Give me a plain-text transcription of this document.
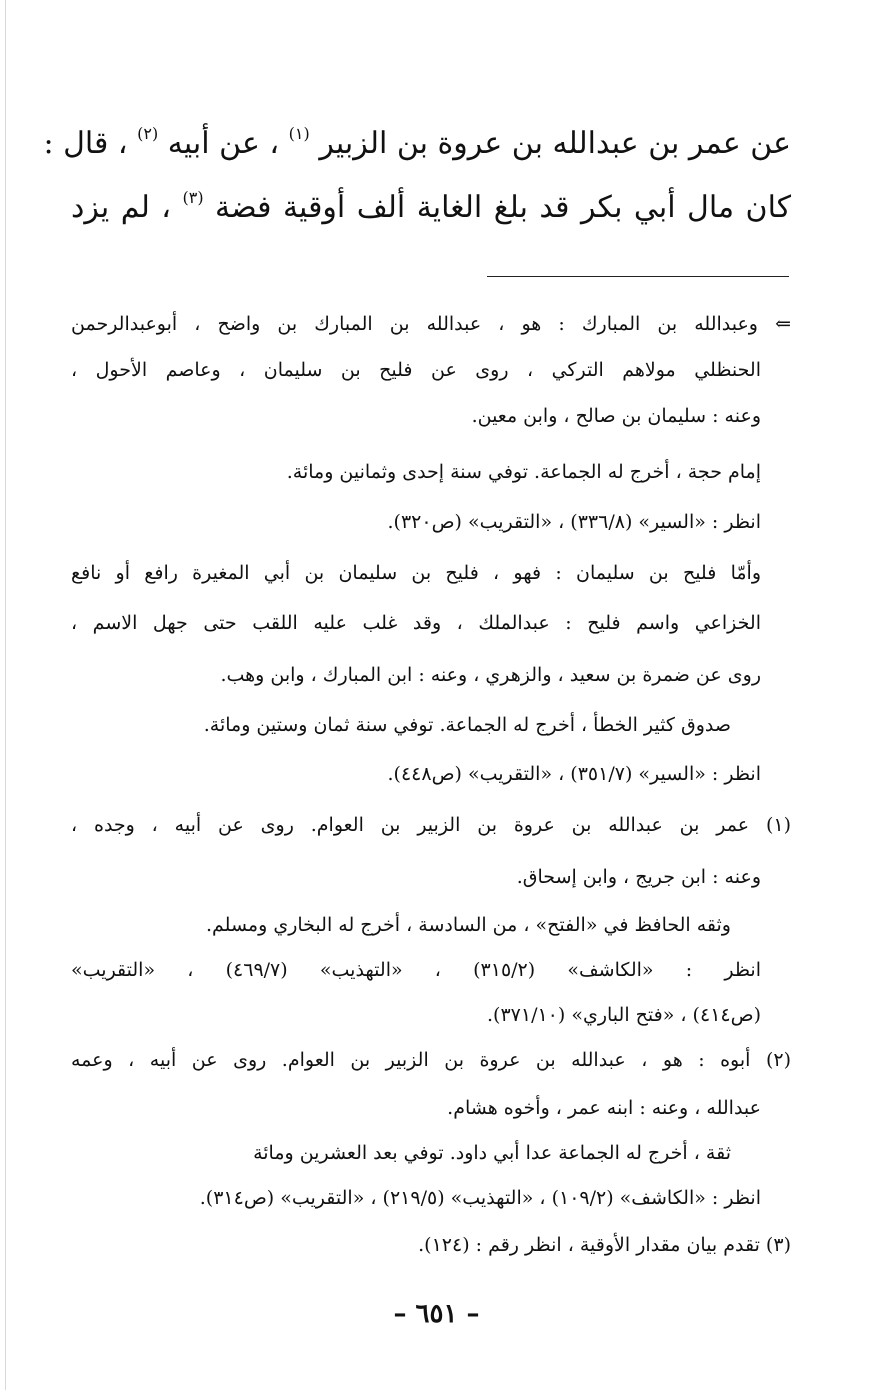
عن عمر بن عبدالله بن عروة بن الزبير $^{(١)}$ ، عن أبيه $^{(٢)}$ ، قال :
كان مال أبي بكر قد بلغ الغاية ألف أوقية فضة $^{(٣)}$ ، لم يزد
⇐ وعبدالله بن المبارك : هو ، عبدالله بن المبارك بن واضح ، أبوعبدالرحمن
الحنظلي مولاهم التركي ، روى عن فليح بن سليمان ، وعاصم الأحول ،
وعنه : سليمان بن صالح ، وابن معين.
إمام حجة ، أخرج له الجماعة. توفي سنة إحدى وثمانين ومائة.
انظر : «السير» (٣٣٦/٨) ، «التقريب» (ص٣٢٠).
وأمّا فليح بن سليمان : فهو ، فليح بن سليمان بن أبي المغيرة رافع أو نافع
الخزاعي واسم فليح : عبدالملك ، وقد غلب عليه اللقب حتى جهل الاسم ،
روى عن ضمرة بن سعيد ، والزهري ، وعنه : ابن المبارك ، وابن وهب.
صدوق كثير الخطأ ، أخرج له الجماعة. توفي سنة ثمان وستين ومائة.
انظر : «السير» (٣٥١/٧) ، «التقريب» (ص٤٤٨).
(١) عمر بن عبدالله بن عروة بن الزبير بن العوام. روى عن أبيه ، وجده ،
وعنه : ابن جريج ، وابن إسحاق.
وثقه الحافظ في «الفتح» ، من السادسة ، أخرج له البخاري ومسلم.
انظر : «الكاشف» (٣١٥/٢) ، «التهذيب» (٤٦٩/٧) ، «التقريب»
(ص٤١٤) ، «فتح الباري» (٣٧١/١٠).
(٢) أبوه : هو ، عبدالله بن عروة بن الزبير بن العوام. روى عن أبيه ، وعمه
عبدالله ، وعنه : ابنه عمر ، وأخوه هشام.
ثقة ، أخرج له الجماعة عدا أبي داود. توفي بعد العشرين ومائة
انظر : «الكاشف» (١٠٩/٢) ، «التهذيب» (٢١٩/٥) ، «التقريب» (ص٣١٤).
(٣) تقدم بيان مقدار الأوقية ، انظر رقم : (١٢٤).
– ٦٥١ –
